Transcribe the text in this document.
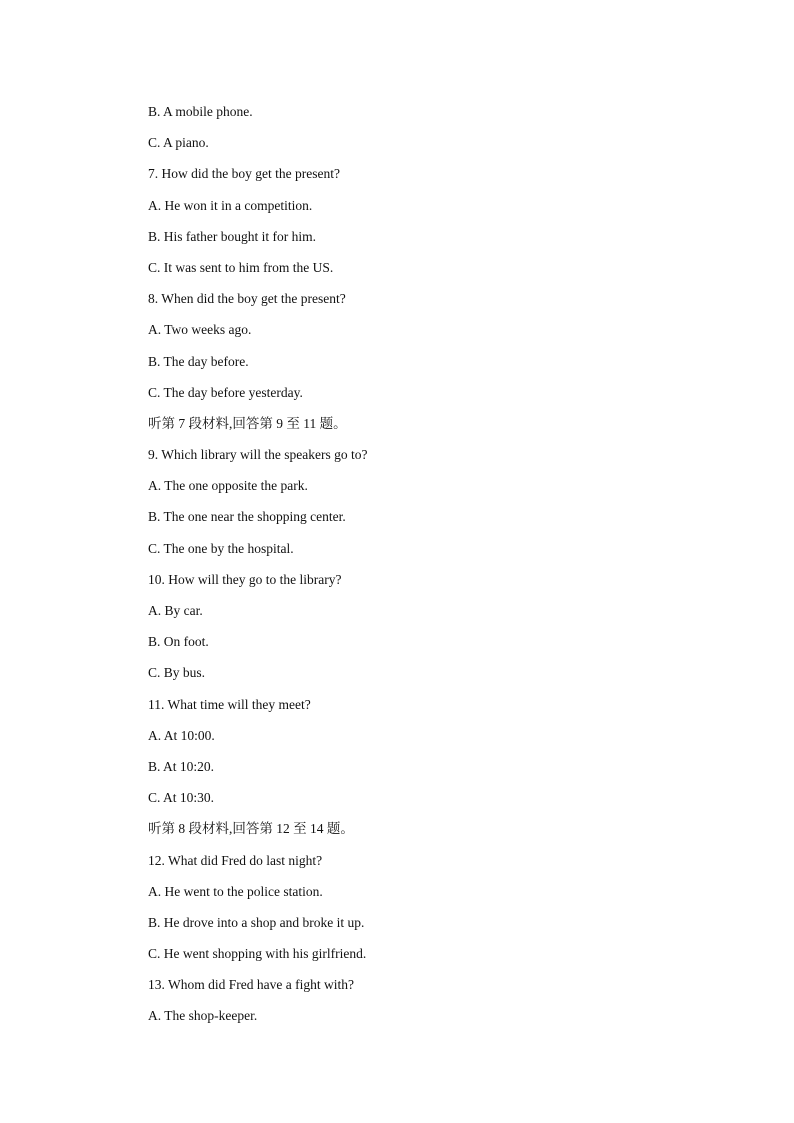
B. A mobile phone.
C. A piano.
7. How did the boy get the present?
A. He won it in a competition.
B. His father bought it for him.
C. It was sent to him from the US.
8. When did the boy get the present?
A. Two weeks ago.
B. The day before.
C. The day before yesterday.
听第 7 段材料,回答第 9 至 11 题。
9. Which library will the speakers go to?
A. The one opposite the park.
B. The one near the shopping center.
C. The one by the hospital.
10. How will they go to the library?
A. By car.
B. On foot.
C. By bus.
11. What time will they meet?
A. At 10:00.
B. At 10:20.
C. At 10:30.
听第 8 段材料,回答第 12 至 14 题。
12. What did Fred do last night?
A. He went to the police station.
B. He drove into a shop and broke it up.
C. He went shopping with his girlfriend.
13. Whom did Fred have a fight with?
A. The shop-keeper.
